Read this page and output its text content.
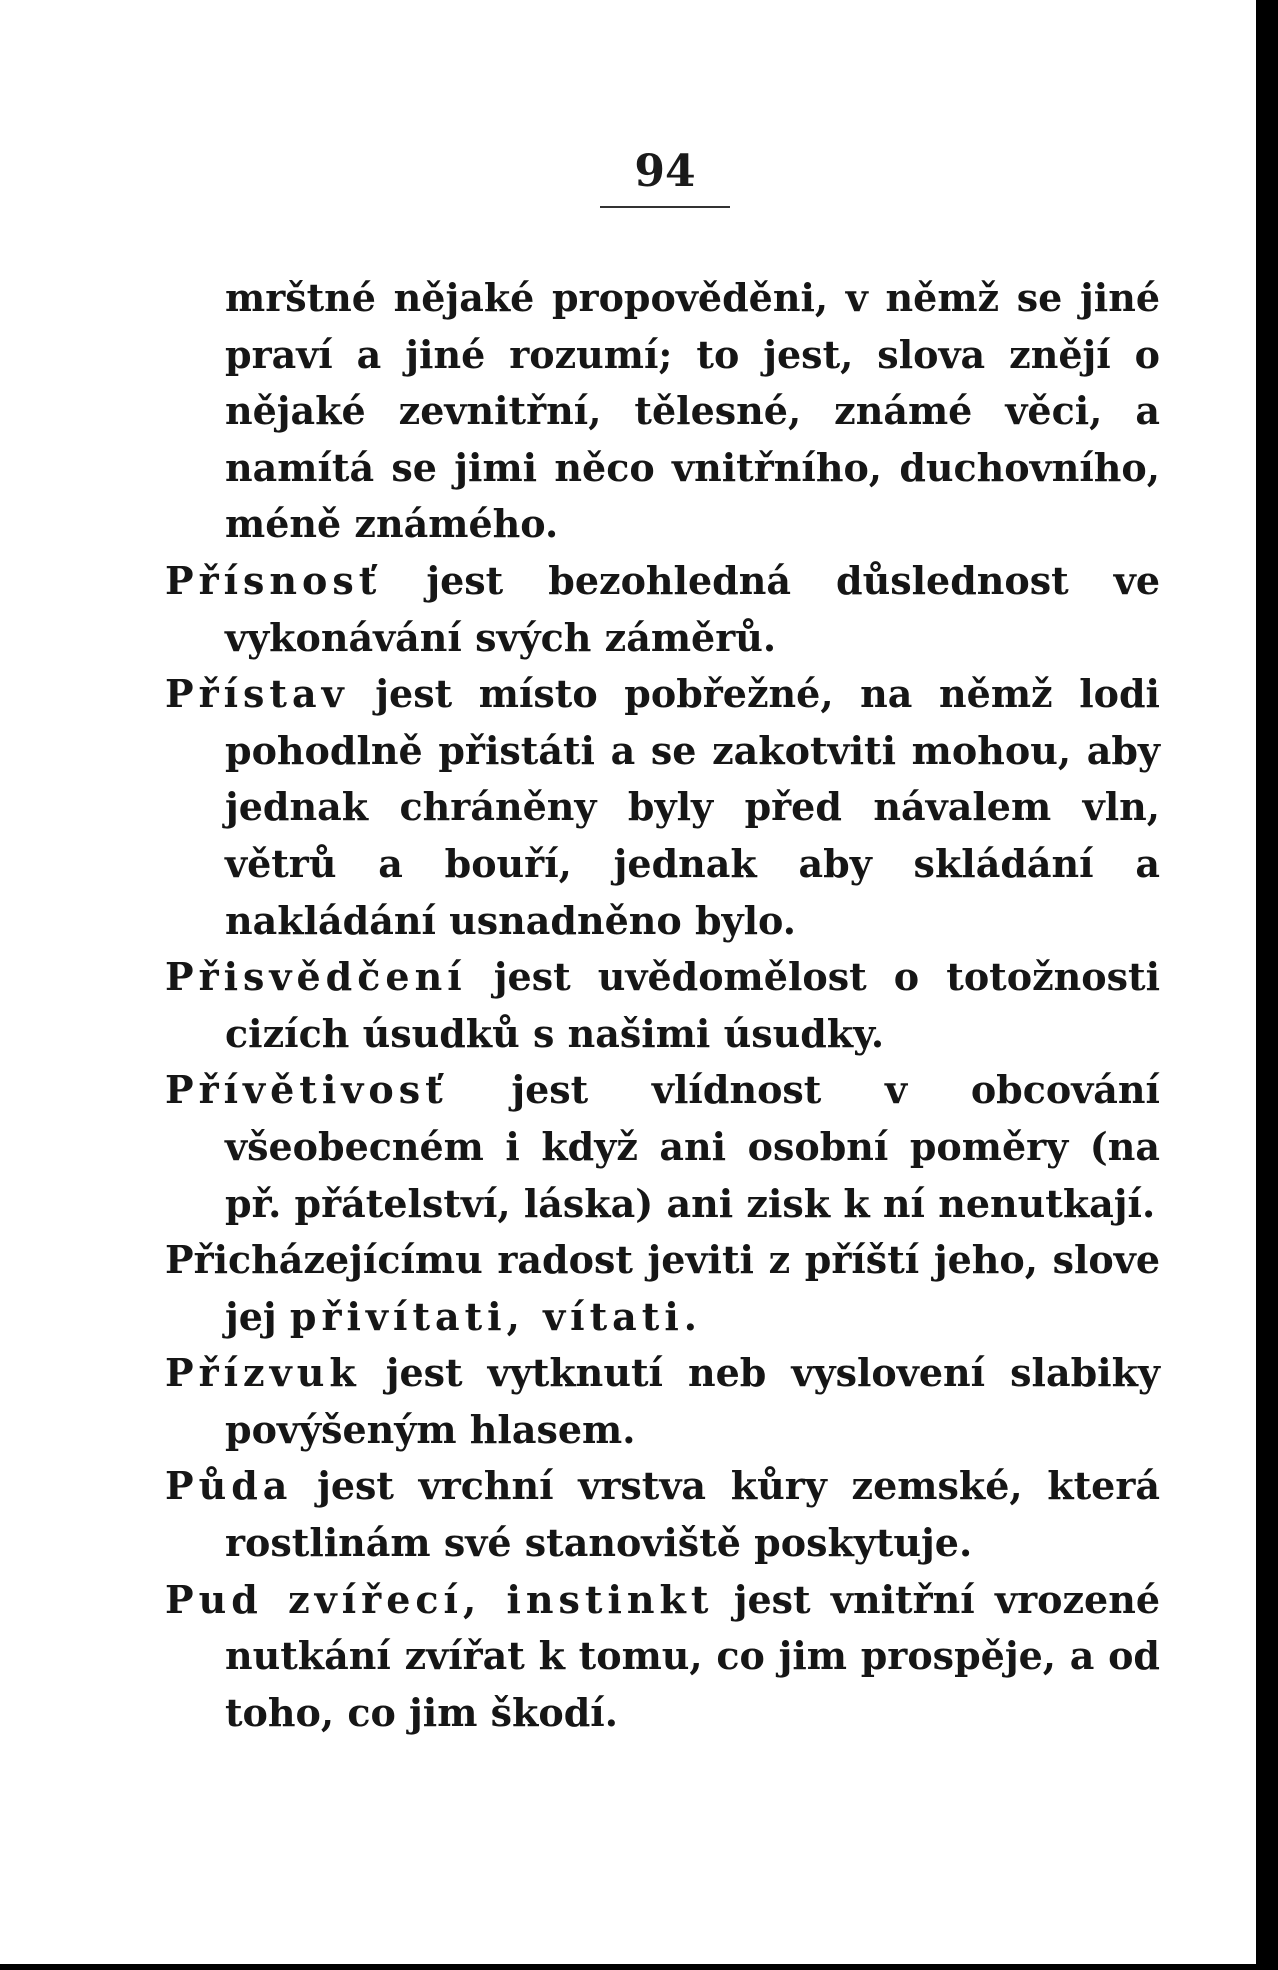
94

mrštné nějaké propověděni, v němž se jiné praví a jiné rozumí; to jest, slova znějí o nějaké zevnitřní, tělesné, známé věci, a namítá se jimi něco vnitřního, duchovního, méně známého.

Přísnosť jest bezohledná důslednost ve vykonávání svých záměrů.

Přístav jest místo pobřežné, na němž lodi pohodlně přistáti a se zakotviti mohou, aby jednak chráněny byly před návalem vln, větrů a bouří, jednak aby skládání a nakládání usnadněno bylo.

Přisvědčení jest uvědomělost o totožnosti cizích úsudků s našimi úsudky.

Přívětivosť jest vlídnost v obcování všeobecném i když ani osobní poměry (na př. přátelství, láska) ani zisk k ní nenutkají.

Přicházejícímu radost jeviti z příští jeho, slove jej přivítati, vítati.

Přízvuk jest vytknutí neb vyslovení slabiky povýšeným hlasem.

Půda jest vrchní vrstva kůry zemské, která rostlinám své stanoviště poskytuje.

Pud zvířecí, instinkt jest vnitřní vrozené nutkání zvířat k tomu, co jim prospěje, a od toho, co jim škodí.
